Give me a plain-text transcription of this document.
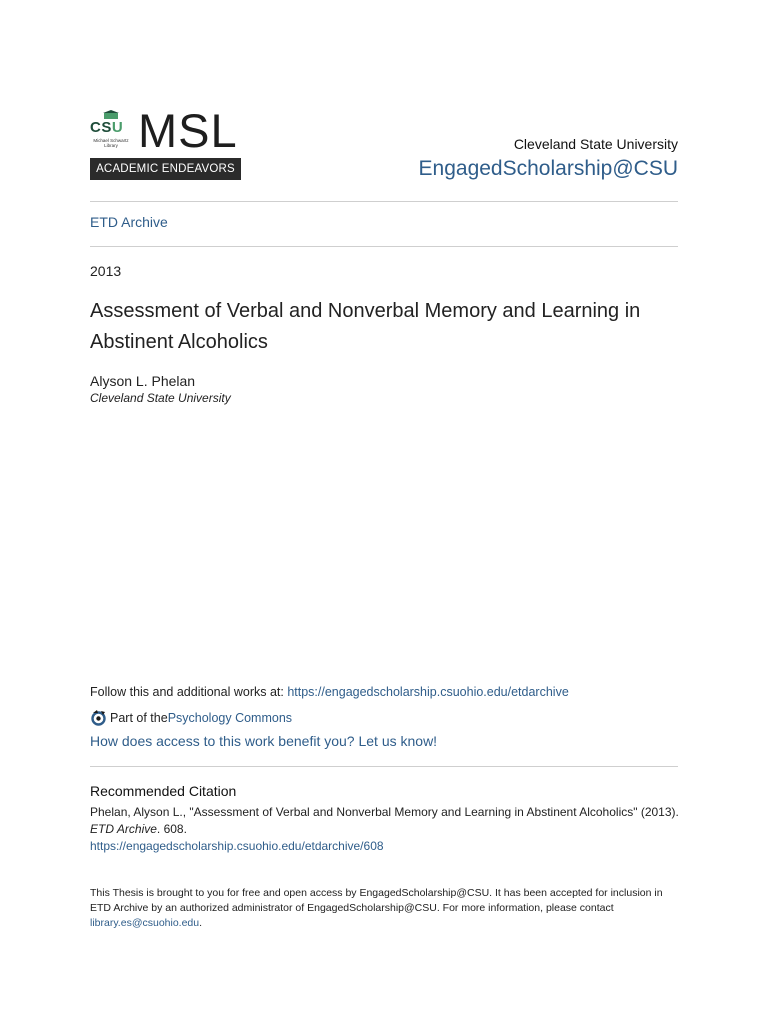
CSU
Michael Schwartz
Library MSL
ACADEMIC ENDEAVORS
Cleveland State University
EngagedScholarship@CSU
ETD Archive
2013
Assessment of Verbal and Nonverbal Memory and Learning in Abstinent Alcoholics
Alyson L. Phelan
Cleveland State University
Follow this and additional works at: https://engagedscholarship.csuohio.edu/etdarchive
Part of the Psychology Commons
How does access to this work benefit you? Let us know!
Recommended Citation
Phelan, Alyson L., "Assessment of Verbal and Nonverbal Memory and Learning in Abstinent Alcoholics" (2013). ETD Archive. 608.
https://engagedscholarship.csuohio.edu/etdarchive/608
This Thesis is brought to you for free and open access by EngagedScholarship@CSU. It has been accepted for inclusion in ETD Archive by an authorized administrator of EngagedScholarship@CSU. For more information, please contact library.es@csuohio.edu.
